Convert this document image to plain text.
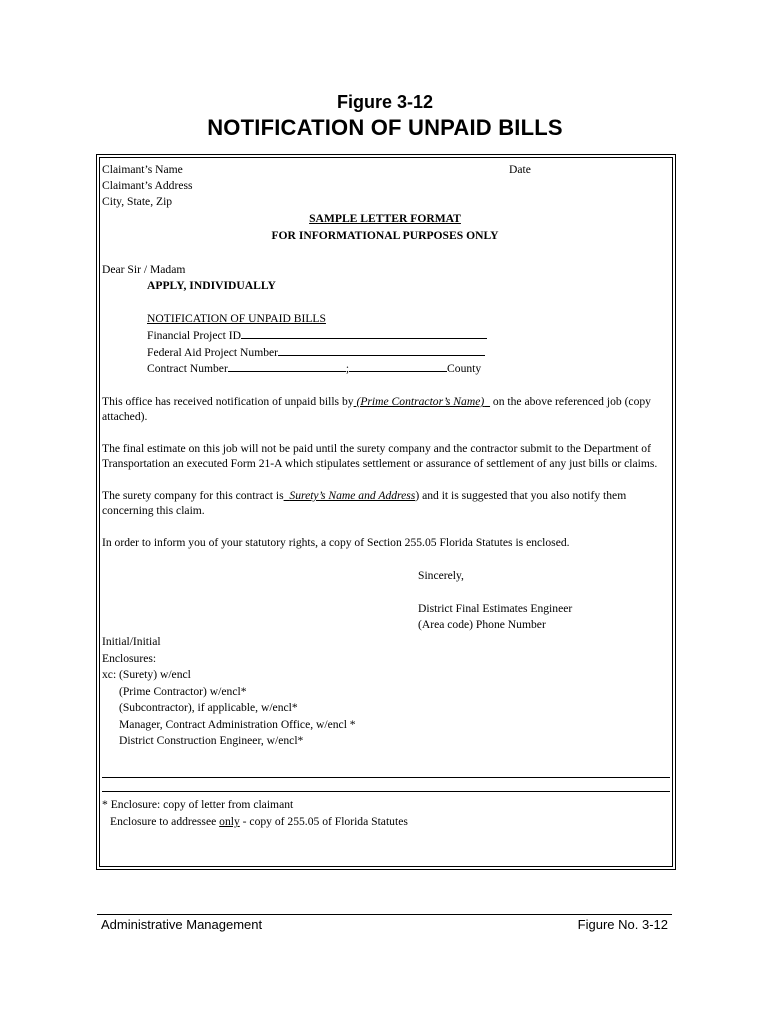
Figure 3-12
NOTIFICATION OF UNPAID BILLS
Claimant’s Name	Date
Claimant’s Address
City, State, Zip
SAMPLE LETTER FORMAT
FOR INFORMATIONAL PURPOSES ONLY
Dear Sir / Madam
APPLY, INDIVIDUALLY
NOTIFICATION OF UNPAID BILLS
Financial Project ID
Federal Aid Project Number
Contract Number	;	County
This office has received notification of unpaid bills by (Prime Contractor’s Name) on the above referenced job (copy attached).
The final estimate on this job will not be paid until the surety company and the contractor submit to the Department of Transportation an executed Form 21-A which stipulates settlement or assurance of settlement of any just bills or claims.
The surety company for this contract is Surety’s Name and Address) and it is suggested that you also notify them concerning this claim.
In order to inform you of your statutory rights, a copy of Section 255.05 Florida Statutes is enclosed.
Sincerely,
District Final Estimates Engineer
(Area code) Phone Number
Initial/Initial
Enclosures:
xc: (Surety) w/encl
(Prime Contractor) w/encl*
(Subcontractor), if applicable, w/encl*
Manager, Contract Administration Office, w/encl *
District Construction Engineer, w/encl*
* Enclosure: copy of letter from claimant
Enclosure to addressee only - copy of 255.05 of Florida Statutes
Administrative Management	Figure No. 3-12
